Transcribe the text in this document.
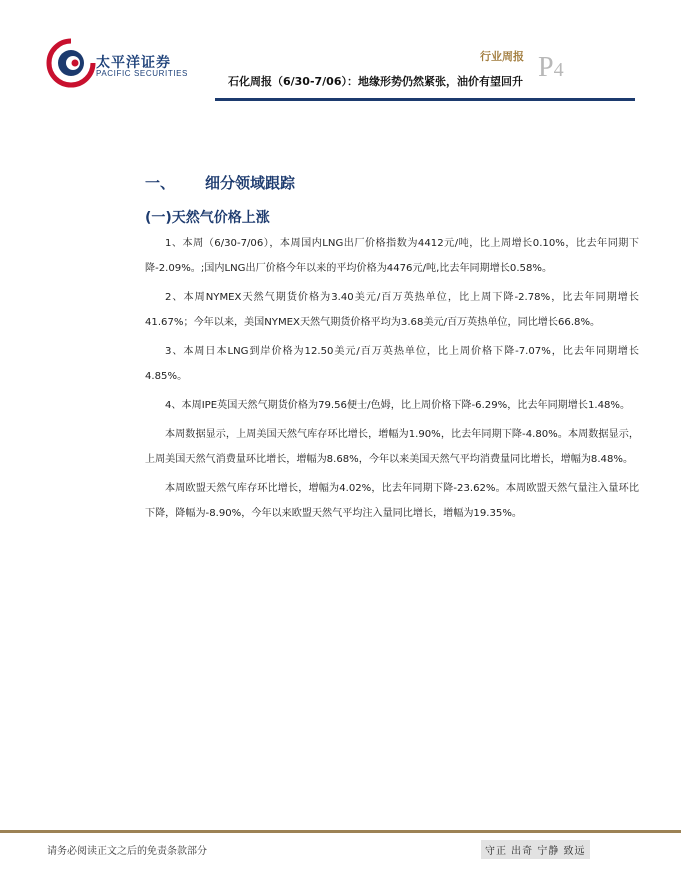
太平洋证券
PACIFIC SECURITIES
行业周报
石化周报（6/30-7/06）：地缘形势仍然紧张，油价有望回升 P4
一、 细分领域跟踪
(一)天然气价格上涨

1、本周（6/30-7/06），本周国内LNG出厂价格指数为4412元/吨，比上周增长0.10%，比去年同期下降-2.09%。;国内LNG出厂价格今年以来的平均价格为4476元/吨,比去年同期增长0.58%。

2、本周NYMEX天然气期货价格为3.40美元/百万英热单位，比上周下降-2.78%，比去年同期增长41.67%；今年以来，美国NYMEX天然气期货价格平均为3.68美元/百万英热单位，同比增长66.8%。

3、本周日本LNG到岸价格为12.50美元/百万英热单位，比上周价格下降-7.07%，比去年同期增长4.85%。

4、本周IPE英国天然气期货价格为79.56便士/色姆，比上周价格下降-6.29%，比去年同期增长1.48%。

本周数据显示，上周美国天然气库存环比增长，增幅为1.90%，比去年同期下降-4.80%。本周数据显示，上周美国天然气消费量环比增长，增幅为8.68%，今年以来美国天然气平均消费量同比增长，增幅为8.48%。

本周欧盟天然气库存环比增长，增幅为4.02%，比去年同期下降-23.62%。本周欧盟天然气量注入量环比下降，降幅为-8.90%，今年以来欧盟天然气平均注入量同比增长，增幅为19.35%。

请务必阅读正文之后的免责条款部分	守正 出奇 宁静 致远
